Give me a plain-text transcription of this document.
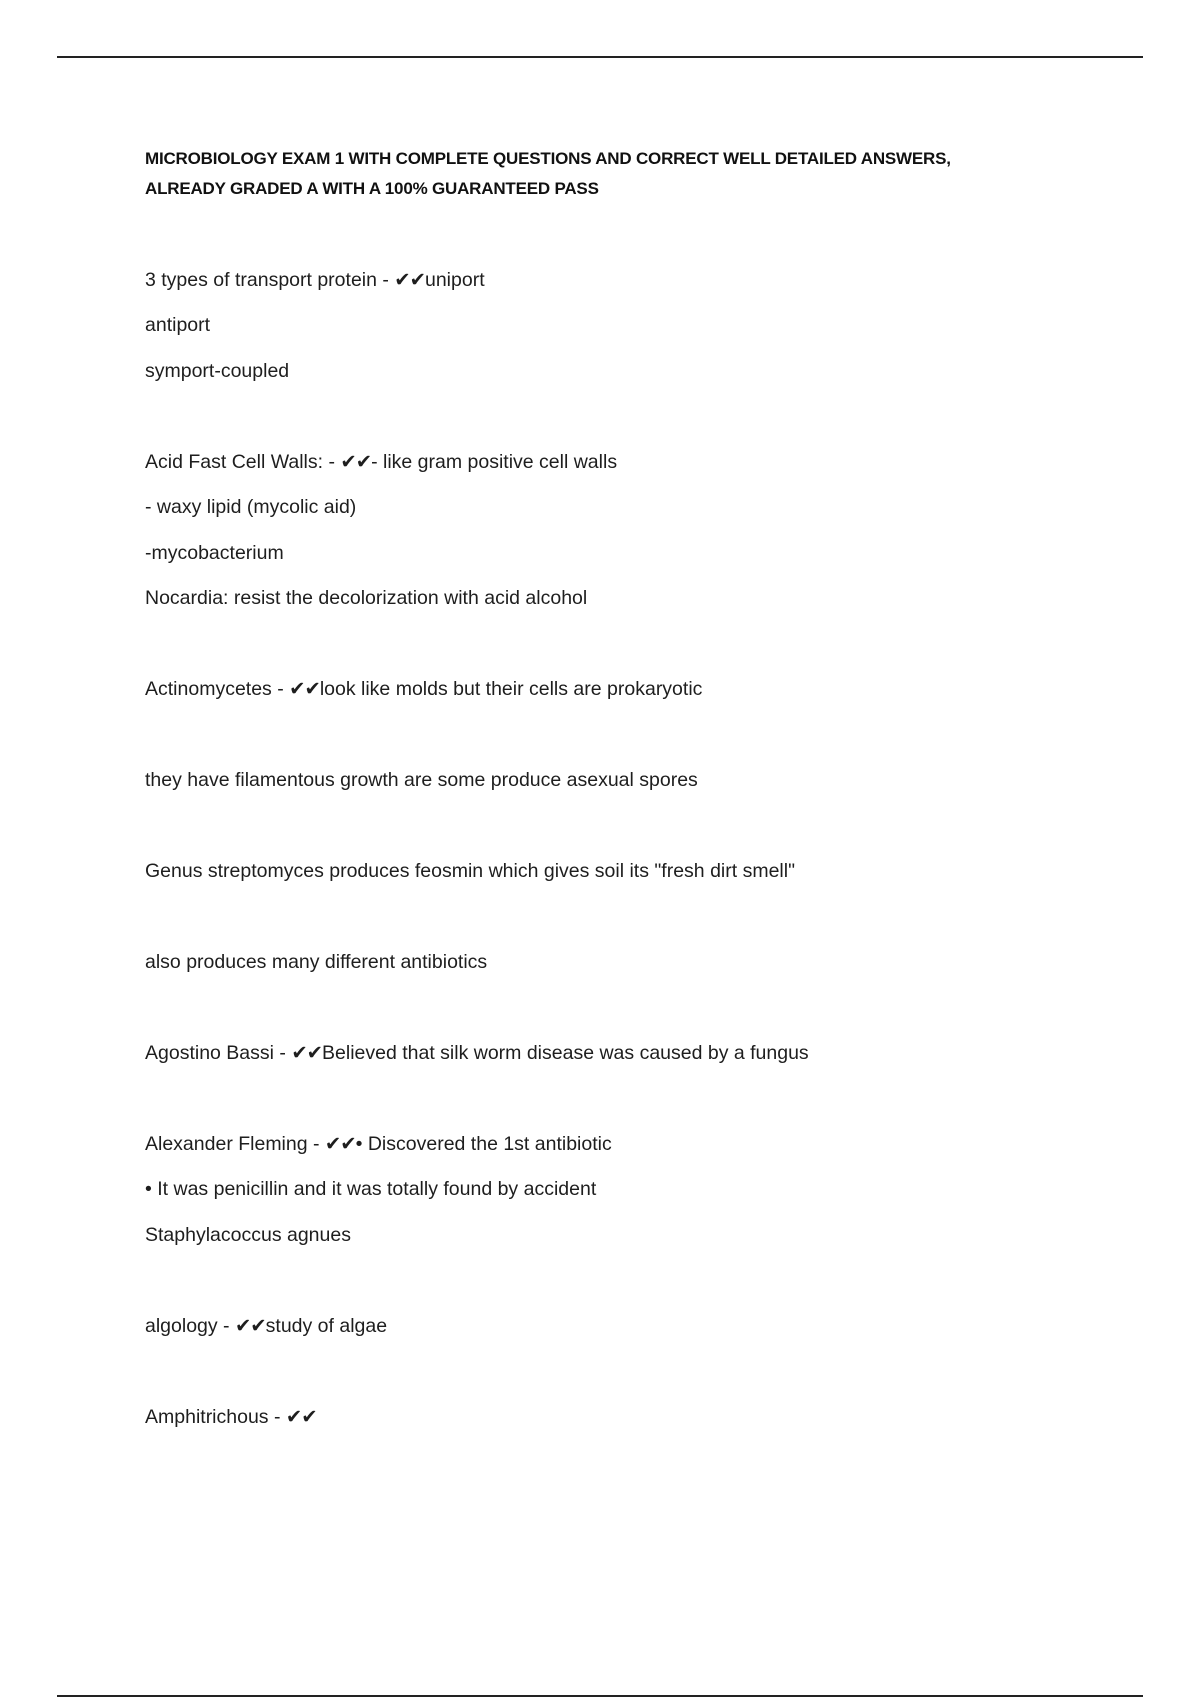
MICROBIOLOGY EXAM 1 WITH COMPLETE QUESTIONS AND CORRECT WELL DETAILED ANSWERS,
ALREADY GRADED A WITH A 100% GUARANTEED PASS
3 types of transport protein - ✔✔uniport
antiport
symport-coupled
Acid Fast Cell Walls: - ✔✔- like gram positive cell walls
- waxy lipid (mycolic aid)
-mycobacterium
Nocardia: resist the decolorization with acid alcohol
Actinomycetes - ✔✔look like molds but their cells are prokaryotic
they have filamentous growth are some produce asexual spores
Genus streptomyces produces feosmin which gives soil its "fresh dirt smell"
also produces many different antibiotics
Agostino Bassi - ✔✔Believed that silk worm disease was caused by a fungus
Alexander Fleming - ✔✔• Discovered the 1st antibiotic
• It was penicillin and it was totally found by accident
Staphylacoccus agnues
algology - ✔✔study of algae
Amphitrichous - ✔✔
